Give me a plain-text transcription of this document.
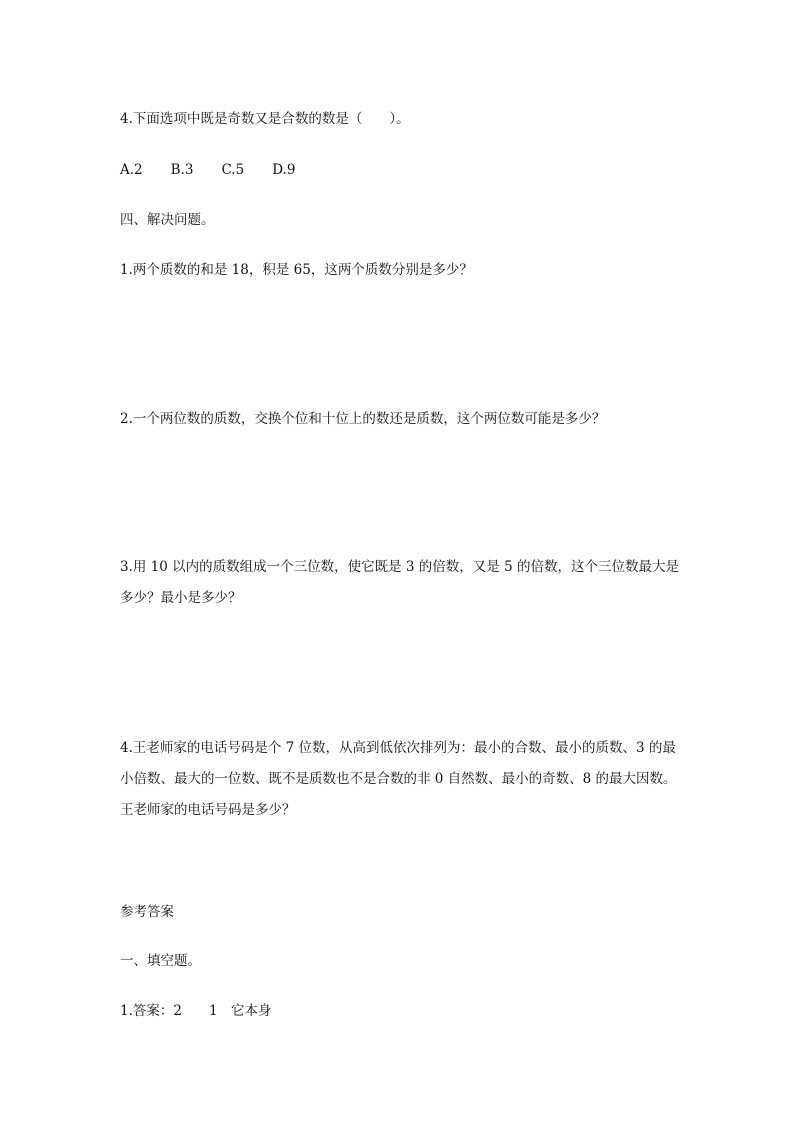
4.下面选项中既是奇数又是合数的数是（　　）。
A.2 B.3 C.5 D.9
四、解决问题。
1.两个质数的和是 18，积是 65，这两个质数分别是多少？
2.一个两位数的质数，交换个位和十位上的数还是质数，这个两位数可能是多少？
3.用 10 以内的质数组成一个三位数，使它既是 3 的倍数，又是 5 的倍数，这个三位数最大是多少？最小是多少？
4.王老师家的电话号码是个 7 位数，从高到低依次排列为：最小的合数、最小的质数、3 的最小倍数、最大的一位数、既不是质数也不是合数的非 0 自然数、最小的奇数、8 的最大因数。王老师家的电话号码是多少？
参考答案
一、填空题。
1.答案：2　　1　它本身
